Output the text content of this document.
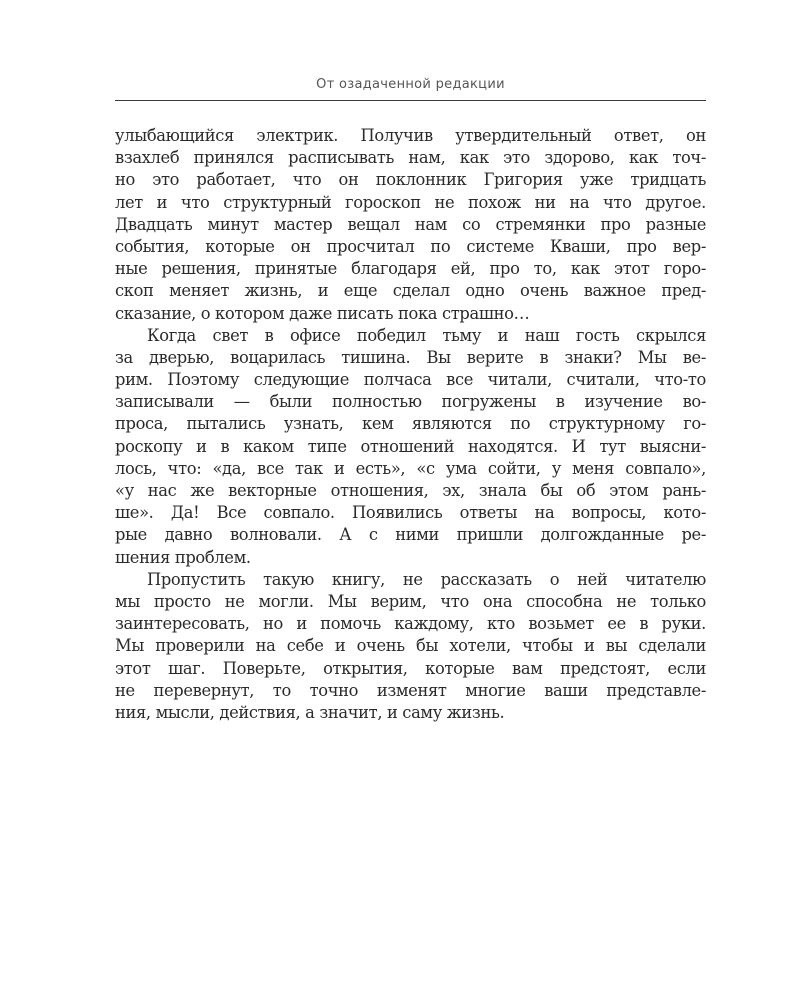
От озадаченной редакции
улыбающийся электрик. Получив утвердительный ответ, он
взахлеб принялся расписывать нам, как это здорово, как точ-
но это работает, что он поклонник Григория уже тридцать
лет и что структурный гороскоп не похож ни на что другое.
Двадцать минут мастер вещал нам со стремянки про разные
события, которые он просчитал по системе Кваши, про вер-
ные решения, принятые благодаря ей, про то, как этот горо-
скоп меняет жизнь, и еще сделал одно очень важное пред-
сказание, о котором даже писать пока страшно…
Когда свет в офисе победил тьму и наш гость скрылся
за дверью, воцарилась тишина. Вы верите в знаки? Мы ве-
рим. Поэтому следующие полчаса все читали, считали, что-то
записывали — были полностью погружены в изучение во-
проса, пытались узнать, кем являются по структурному го-
роскопу и в каком типе отношений находятся. И тут выясни-
лось, что: «да, все так и есть», «с ума сойти, у меня совпало»,
«у нас же векторные отношения, эх, знала бы об этом рань-
ше». Да! Все совпало. Появились ответы на вопросы, кото-
рые давно волновали. А с ними пришли долгожданные ре-
шения проблем.
Пропустить такую книгу, не рассказать о ней читателю
мы просто не могли. Мы верим, что она способна не только
заинтересовать, но и помочь каждому, кто возьмет ее в руки.
Мы проверили на себе и очень бы хотели, чтобы и вы сделали
этот шаг. Поверьте, открытия, которые вам предстоят, если
не перевернут, то точно изменят многие ваши представле-
ния, мысли, действия, а значит, и саму жизнь.
